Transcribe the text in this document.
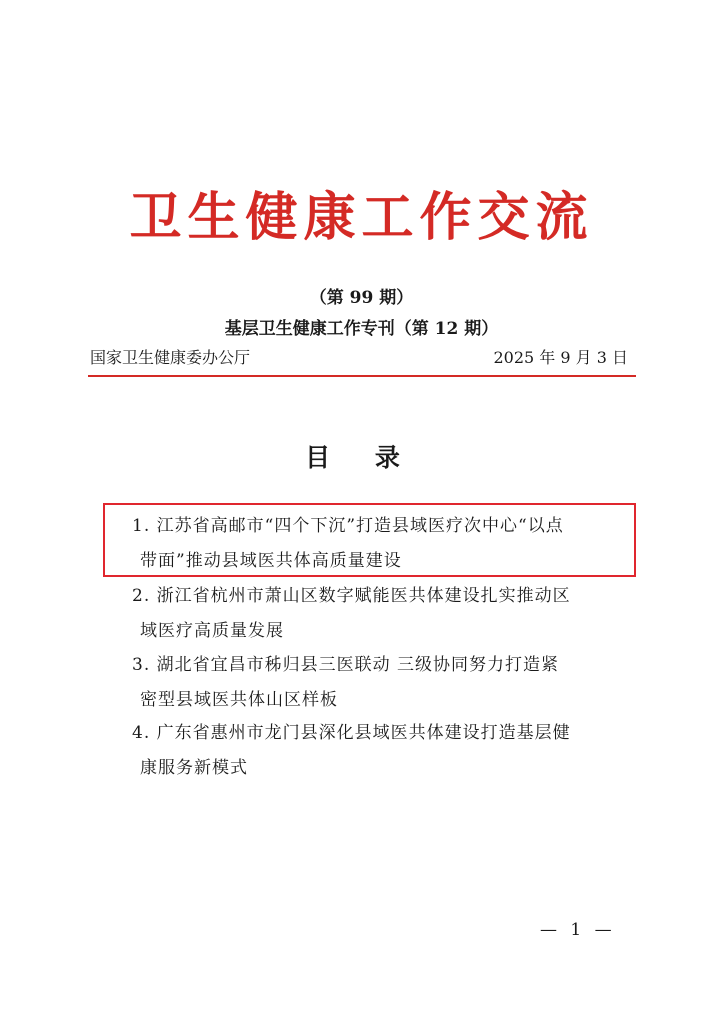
卫生健康工作交流
（第 99 期）
基层卫生健康工作专刊（第 12 期）
国家卫生健康委办公厅	2025 年 9 月 3 日
目 录
1. 江苏省高邮市“四个下沉”打造县域医疗次中心“以点
带面”推动县域医共体高质量建设
2. 浙江省杭州市萧山区数字赋能医共体建设扎实推动区
域医疗高质量发展
3. 湖北省宜昌市秭归县三医联动 三级协同努力打造紧
密型县域医共体山区样板
4. 广东省惠州市龙门县深化县域医共体建设打造基层健
康服务新模式
— 1 —
